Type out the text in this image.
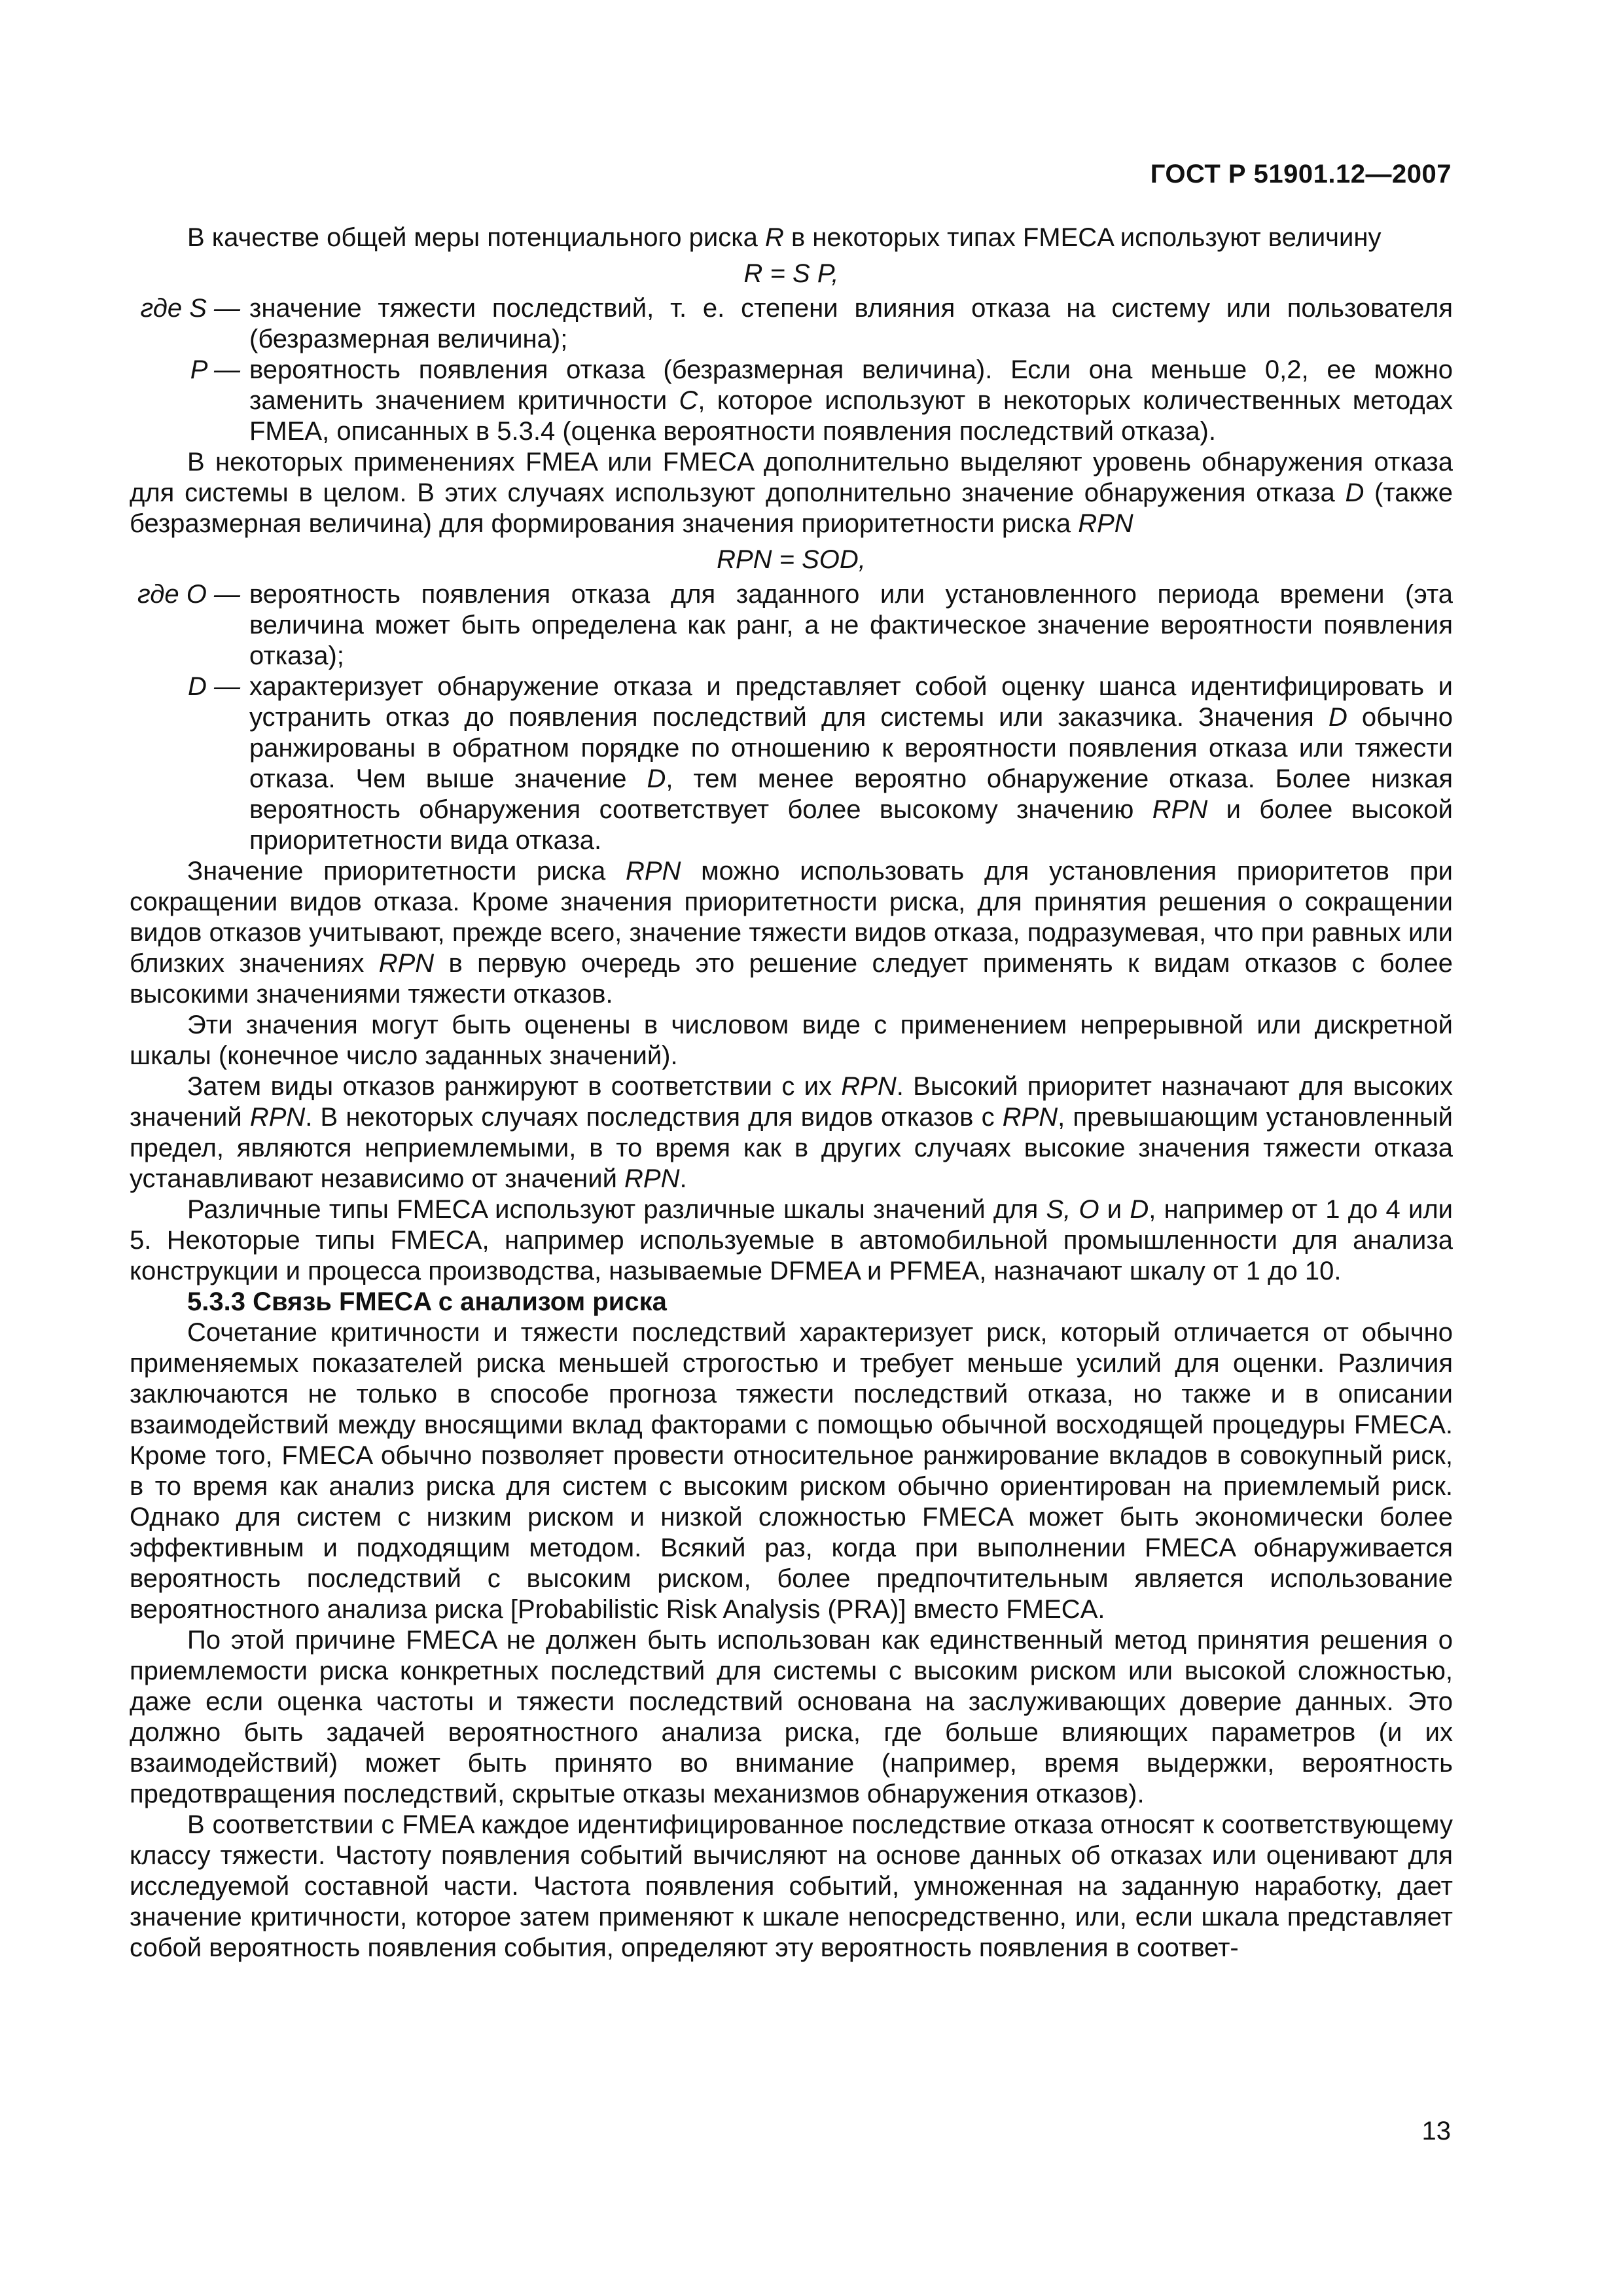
ГОСТ Р 51901.12—2007

В качестве общей меры потенциального риска R в некоторых типах FMECA используют величину

R = S P,
где S — значение тяжести последствий, т. е. степени влияния отказа на систему или пользователя (безразмерная величина);
P — вероятность появления отказа (безразмерная величина). Если она меньше 0,2, ее можно заменить значением критичности C, которое используют в некоторых количественных методах FMEA, описанных в 5.3.4 (оценка вероятности появления последствий отказа).

В некоторых применениях FMEA или FMECA дополнительно выделяют уровень обнаружения отказа для системы в целом. В этих случаях используют дополнительно значение обнаружения отказа D (также безразмерная величина) для формирования значения приоритетности риска RPN

RPN = SOD,
где O — вероятность появления отказа для заданного или установленного периода времени (эта величина может быть определена как ранг, а не фактическое значение вероятности появления отказа);
D — характеризует обнаружение отказа и представляет собой оценку шанса идентифицировать и устранить отказ до появления последствий для системы или заказчика. Значения D обычно ранжированы в обратном порядке по отношению к вероятности появления отказа или тяжести отказа. Чем выше значение D, тем менее вероятно обнаружение отказа. Более низкая вероятность обнаружения соответствует более высокому значению RPN и более высокой приоритетности вида отказа.

Значение приоритетности риска RPN можно использовать для установления приоритетов при сокращении видов отказа. Кроме значения приоритетности риска, для принятия решения о сокращении видов отказов учитывают, прежде всего, значение тяжести видов отказа, подразумевая, что при равных или близких значениях RPN в первую очередь это решение следует применять к видам отказов с более высокими значениями тяжести отказов.

Эти значения могут быть оценены в числовом виде с применением непрерывной или дискретной шкалы (конечное число заданных значений).

Затем виды отказов ранжируют в соответствии с их RPN. Высокий приоритет назначают для высоких значений RPN. В некоторых случаях последствия для видов отказов с RPN, превышающим установленный предел, являются неприемлемыми, в то время как в других случаях высокие значения тяжести отказа устанавливают независимо от значений RPN.

Различные типы FMECA используют различные шкалы значений для S, O и D, например от 1 до 4 или 5. Некоторые типы FMECA, например используемые в автомобильной промышленности для анализа конструкции и процесса производства, называемые DFMEA и PFMEA, назначают шкалу от 1 до 10.

5.3.3 Связь FMECA с анализом риска

Сочетание критичности и тяжести последствий характеризует риск, который отличается от обычно применяемых показателей риска меньшей строгостью и требует меньше усилий для оценки. Различия заключаются не только в способе прогноза тяжести последствий отказа, но также и в описании взаимодействий между вносящими вклад факторами с помощью обычной восходящей процедуры FMECA. Кроме того, FMECA обычно позволяет провести относительное ранжирование вкладов в совокупный риск, в то время как анализ риска для систем с высоким риском обычно ориентирован на приемлемый риск. Однако для систем с низким риском и низкой сложностью FMECA может быть экономически более эффективным и подходящим методом. Всякий раз, когда при выполнении FMECA обнаруживается вероятность последствий с высоким риском, более предпочтительным является использование вероятностного анализа риска [Probabilistic Risk Analysis (PRA)] вместо FMECA.

По этой причине FMECA не должен быть использован как единственный метод принятия решения о приемлемости риска конкретных последствий для системы с высоким риском или высокой сложностью, даже если оценка частоты и тяжести последствий основана на заслуживающих доверие данных. Это должно быть задачей вероятностного анализа риска, где больше влияющих параметров (и их взаимодействий) может быть принято во внимание (например, время выдержки, вероятность предотвращения последствий, скрытые отказы механизмов обнаружения отказов).

В соответствии с FMEA каждое идентифицированное последствие отказа относят к соответствующему классу тяжести. Частоту появления событий вычисляют на основе данных об отказах или оценивают для исследуемой составной части. Частота появления событий, умноженная на заданную наработку, дает значение критичности, которое затем применяют к шкале непосредственно, или, если шкала представляет собой вероятность появления события, определяют эту вероятность появления в соответ-

13
